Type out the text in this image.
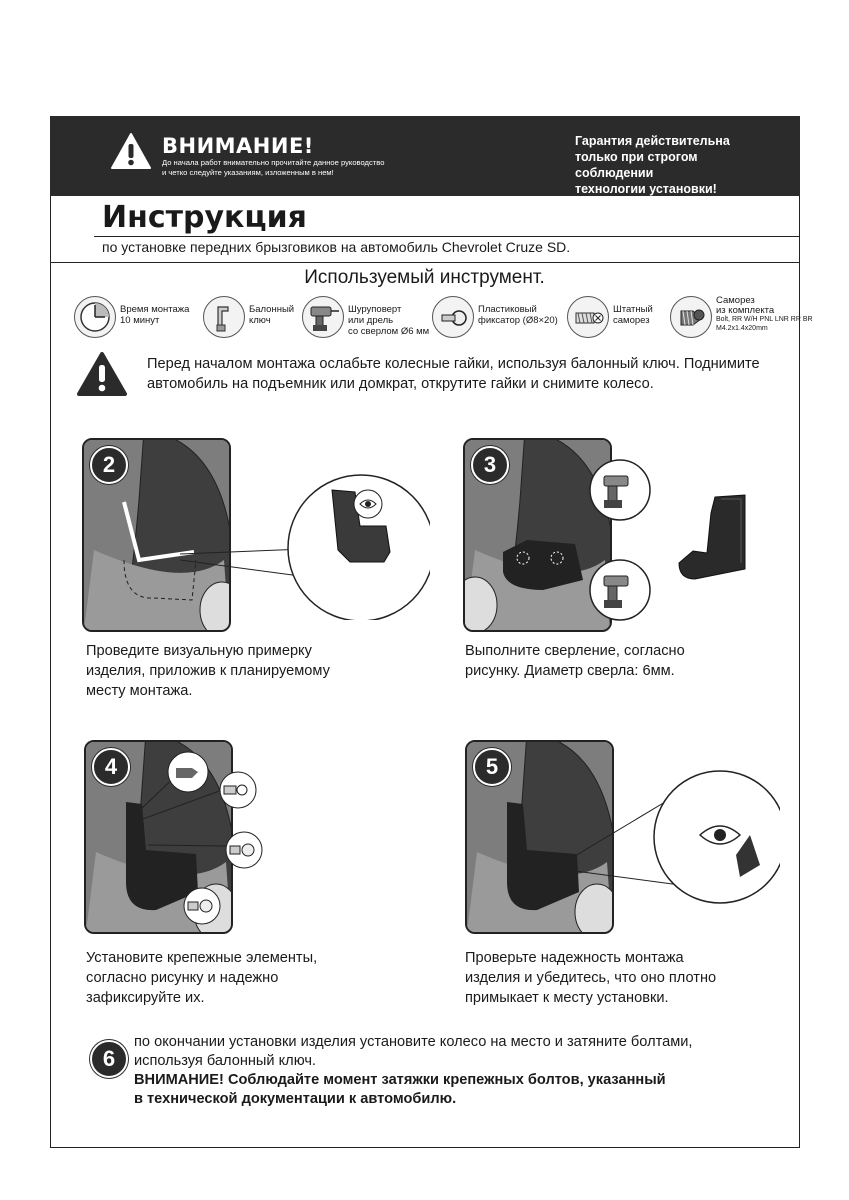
ВНИМАНИЕ!
До начала работ внимательно прочитайте данное руководство
и четко следуйте указаниям, изложенным в нем!
Гарантия действительна
только при строгом соблюдении
технологии установки!
Инструкция
по установке передних брызговиков на автомобиль Chevrolet Cruze SD.
Используемый инструмент.
Время монтажа
10 минут
Балонный
ключ
Шуруповерт
или дрель
со сверлом Ø6 мм
Пластиковый
фиксатор (Ø8×20)
Штатный
саморез
Саморез
из комплекта
Bolt, RR W/H PNL LNR RR BR
M4.2x1.4x20mm
Перед началом монтажа ослабьте колесные гайки, используя балонный ключ. Поднимите
автомобиль на подъемник или домкрат, открутите гайки и снимите колесо.
2
Проведите визуальную примерку
изделия, приложив к планируемому
месту монтажа.
3
Выполните сверление, согласно
рисунку. Диаметр сверла: 6мм.
4
Установите крепежные элементы,
согласно рисунку и надежно
зафиксируйте их.
5
Проверьте надежность монтажа
изделия и убедитесь, что оно плотно
примыкает к месту установки.
6
по окончании установки изделия установите колесо на место и затяните болтами,
используя балонный ключ.
ВНИМАНИЕ! Соблюдайте момент затяжки крепежных болтов, указанный
в технической документации к автомобилю.
